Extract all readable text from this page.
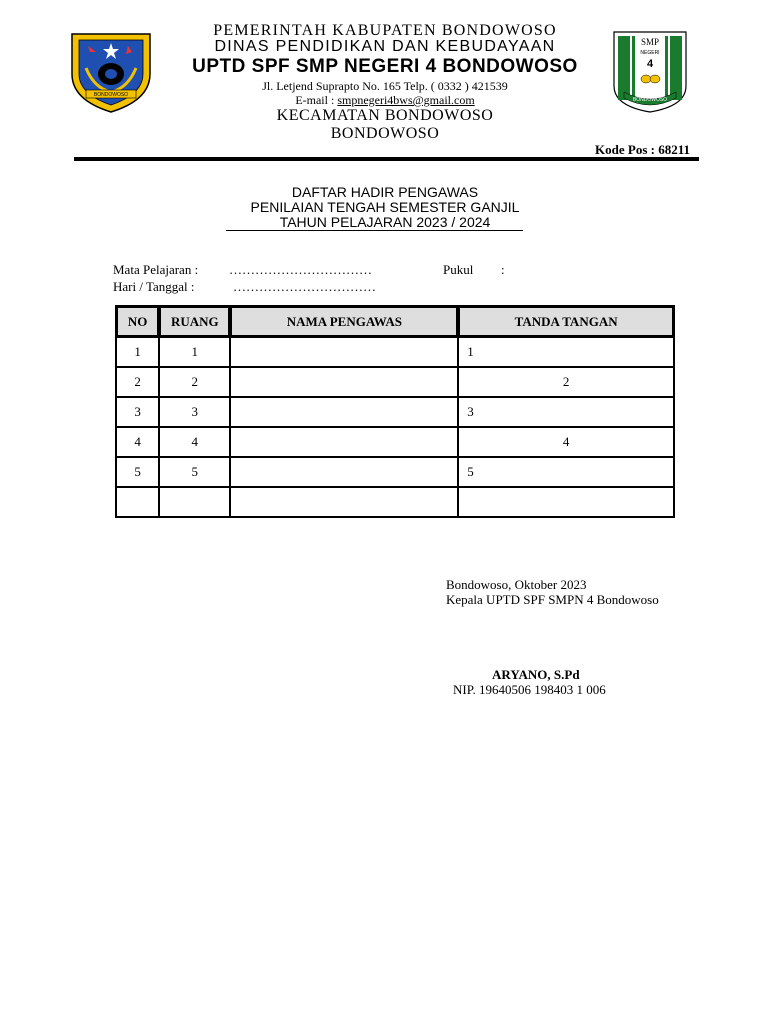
BONDOWOSO
SMP
NEGERI
4
BONDOWOSO
PEMERINTAH KABUPATEN BONDOWOSO
DINAS PENDIDIKAN DAN KEBUDAYAAN
UPTD SPF SMP NEGERI 4 BONDOWOSO
Jl. Letjend Suprapto No. 165 Telp. ( 0332 ) 421539
E-mail : smpnegeri4bws@gmail.com
KECAMATAN BONDOWOSO
BONDOWOSO
Kode Pos : 68211
DAFTAR HADIR PENGAWAS
PENILAIAN TENGAH SEMESTER GANJIL
TAHUN PELAJARAN 2023 / 2024
Mata Pelajaran : ……………………………	Pukul :
Hari / Tanggal :	……………………………
NO	RUANG	NAMA PENGAWAS	TANDA TANGAN
1	1		1
2	2		2
3	3		3
4	4		4
5	5		5

Bondowoso, Oktober 2023
Kepala UPTD SPF SMPN 4 Bondowoso
ARYANO, S.Pd
NIP. 19640506 198403 1 006
